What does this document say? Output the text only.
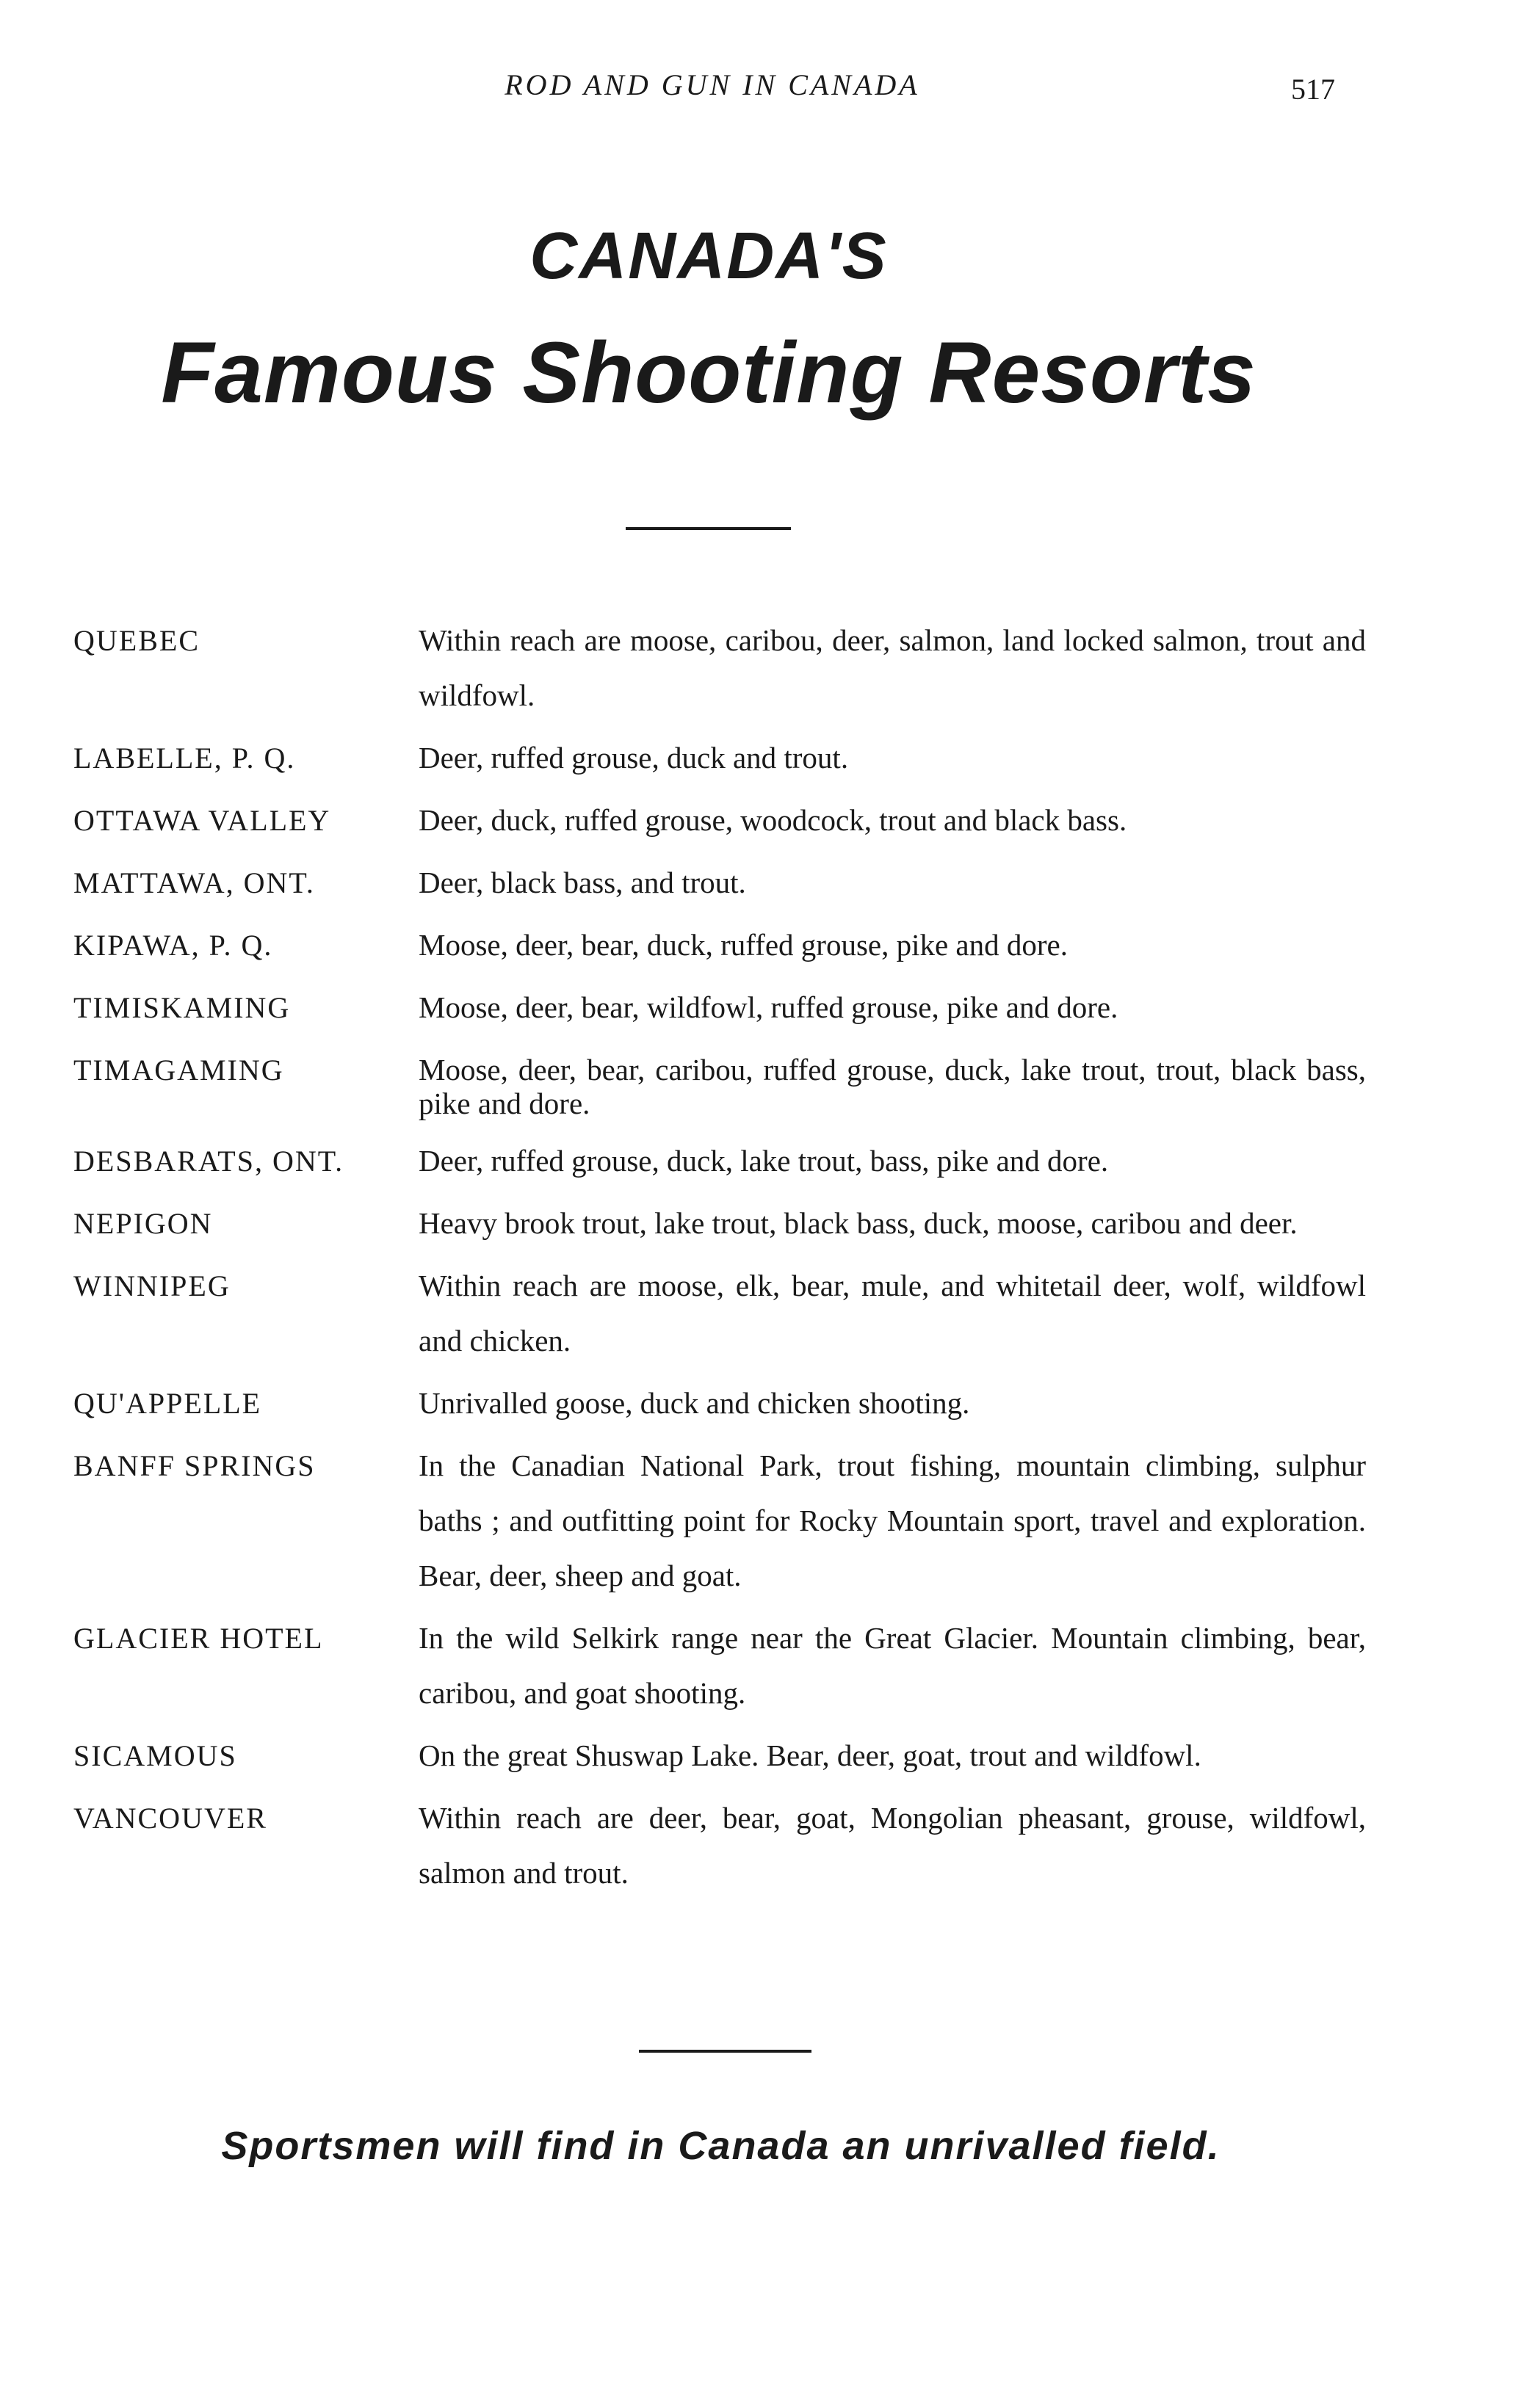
ROD AND GUN IN CANADA	517
CANADA'S
Famous Shooting Resorts
QUEBEC	Within reach are moose, caribou, deer, salmon, land locked salmon, trout and wildfowl.
LABELLE, P. Q.	Deer, ruffed grouse, duck and trout.
OTTAWA VALLEY	Deer, duck, ruffed grouse, woodcock, trout and black bass.
MATTAWA, ONT.	Deer, black bass, and trout.
KIPAWA, P. Q.	Moose, deer, bear, duck, ruffed grouse, pike and dore.
TIMISKAMING	Moose, deer, bear, wildfowl, ruffed grouse, pike and dore.
TIMAGAMING	Moose, deer, bear, caribou, ruffed grouse, duck, lake trout, trout, black bass, pike and dore.
DESBARATS, ONT.	Deer, ruffed grouse, duck, lake trout, bass, pike and dore.
NEPIGON	Heavy brook trout, lake trout, black bass, duck, moose, caribou and deer.
WINNIPEG	Within reach are moose, elk, bear, mule, and whitetail deer, wolf, wildfowl and chicken.
QU'APPELLE	Unrivalled goose, duck and chicken shooting.
BANFF SPRINGS	In the Canadian National Park, trout fishing, mountain climbing, sulphur baths ; and outfitting point for Rocky Mountain sport, travel and exploration. Bear, deer, sheep and goat.
GLACIER HOTEL	In the wild Selkirk range near the Great Glacier. Mountain climbing, bear, caribou, and goat shooting.
SICAMOUS	On the great Shuswap Lake. Bear, deer, goat, trout and wildfowl.
VANCOUVER	Within reach are deer, bear, goat, Mongolian pheasant, grouse, wildfowl, salmon and trout.
Sportsmen will find in Canada an unrivalled field.
